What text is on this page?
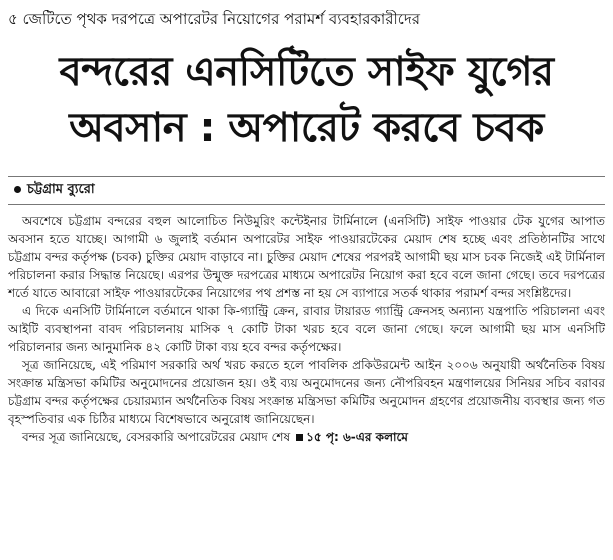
৫ জেটিতে পৃথক দরপত্রে অপারেটর নিয়োগের পরামর্শ ব্যবহারকারীদের
বন্দরের এনসিটিতে সাইফ যুগের
অবসান : অপারেট করবে চবক
চট্টগ্রাম ব্যুরো

অবশেষে চট্টগ্রাম বন্দরের বহুল আলোচিত নিউমুরিং কন্টেইনার টার্মিনালে (এনসিটি) সাইফ পাওয়ার টেক যুগের আপাত অবসান হতে যাচ্ছে। আগামী ৬ জুলাই বর্তমান অপারেটর সাইফ পাওয়ারটেকের মেয়াদ শেষ হচ্ছে এবং প্রতিষ্ঠানটির সাথে চট্টগ্রাম বন্দর কর্তৃপক্ষ (চবক) চুক্তির মেয়াদ বাড়াবে না। চুক্তির মেয়াদ শেষের পরপরই আগামী ছয় মাস চবক নিজেই এই টার্মিনাল পরিচালনা করার সিদ্ধান্ত নিয়েছে। এরপর উন্মুক্ত দরপত্রের মাধ্যমে অপারেটর নিয়োগ করা হবে বলে জানা গেছে। তবে দরপত্রের শর্তে যাতে আবারো সাইফ পাওয়ারটেকের নিয়োগের পথ প্রশস্ত না হয় সে ব্যাপারে সতর্ক থাকার পরামর্শ বন্দর সংশ্লিষ্টদের।

এ দিকে এনসিটি টার্মিনালে বর্তমানে থাকা কি-গ্যান্ট্রি ক্রেন, রাবার টায়ারড গ্যান্ট্রি ক্রেনসহ অন্যান্য যন্ত্রপাতি পরিচালনা এবং আইটি ব্যবস্থাপনা বাবদ পরিচালনায় মাসিক ৭ কোটি টাকা খরচ হবে বলে জানা গেছে। ফলে আগামী ছয় মাস এনসিটি পরিচালনার জন্য আনুমানিক ৪২ কোটি টাকা ব্যয় হবে বন্দর কর্তৃপক্ষের।

সূত্র জানিয়েছে, এই পরিমাণ সরকারি অর্থ খরচ করতে হলে পাবলিক প্রকিউরমেন্ট আইন ২০০৬ অনুযায়ী অর্থনৈতিক বিষয় সংক্রান্ত মন্ত্রিসভা কমিটির অনুমোদনের প্রয়োজন হয়। ওই ব্যয় অনুমোদনের জন্য নৌপরিবহন মন্ত্রণালয়ের সিনিয়র সচিব বরাবর চট্টগ্রাম বন্দর কর্তৃপক্ষের চেয়ারম্যান অর্থনৈতিক বিষয় সংক্রান্ত মন্ত্রিসভা কমিটির অনুমোদন গ্রহণের প্রয়োজনীয় ব্যবস্থার জন্য গত বৃহস্পতিবার এক চিঠির মাধ্যমে বিশেষভাবে অনুরোধ জানিয়েছেন।

বন্দর সূত্র জানিয়েছে, বেসরকারি অপারেটরের মেয়াদ শেষ ১৫ পৃ: ৬-এর কলামে
